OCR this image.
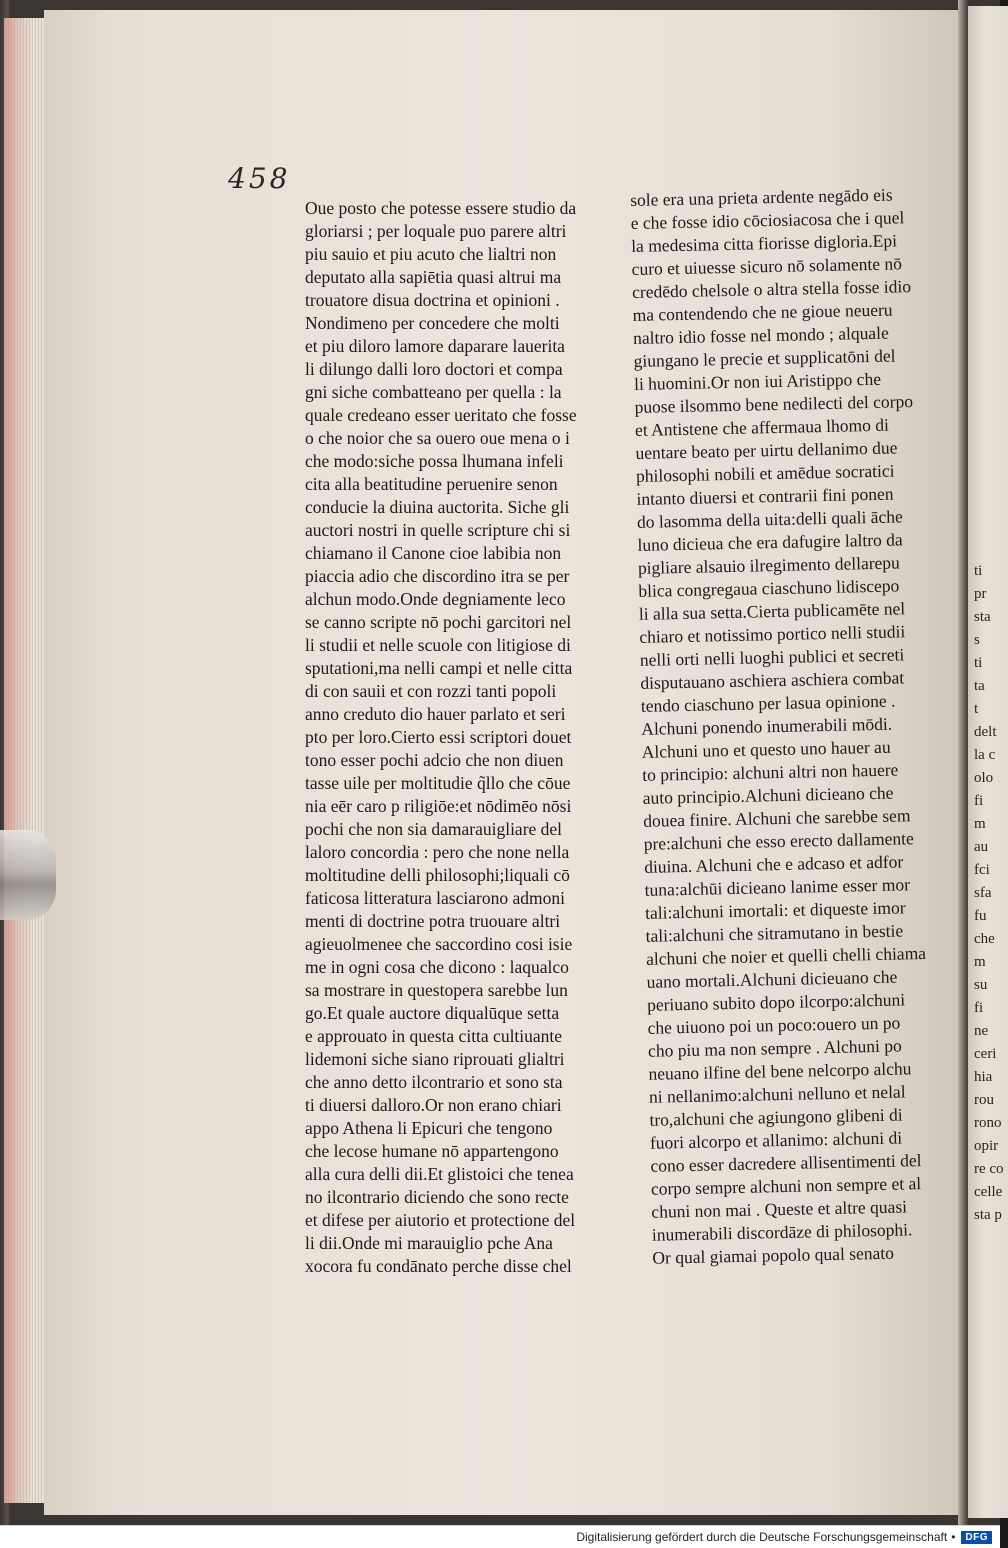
458
Oue posto che potesse essere studio da
gloriarsi ; per loquale puo parere altri
piu sauio et piu acuto che lialtri non
deputato alla sapiētia quasi altrui ma
trouatore disua doctrina et opinioni .
Nondimeno per concedere che molti
et piu diloro lamore daparare lauerita
li dilungo dalli loro doctori et compa
gni siche combatteano per quella : la
quale credeano esser ueritato che fosse
o che noior che sa ouero oue mena o i
che modo:siche possa lhumana infeli
cita alla beatitudine peruenire senon
conducie la diuina auctorita. Siche gli
auctori nostri in quelle scripture chi si
chiamano il Canone cioe labibia non
piaccia adio che discordino itra se per
alchun modo.Onde degniamente leco
se canno scripte nō pochi garcitori nel
li studii et nelle scuole con litigiose di
sputationi,ma nelli campi et nelle citta
di con sauii et con rozzi tanti popoli
anno creduto dio hauer parlato et seri
pto per loro.Cierto essi scriptori douet
tono esser pochi adcio che non diuen
tasse uile per moltitudie q̃llo che cōue
nia eēr caro p riligiōe:et nōdimēo nōsi
pochi che non sia damarauigliare del
laloro concordia : pero che none nella
moltitudine delli philosophi;liquali cō
faticosa litteratura lasciarono admoni
menti di doctrine potra truouare altri
agieuolmenee che saccordino cosi isie
me in ogni cosa che dicono : laqualco
sa mostrare in questopera sarebbe lun
go.Et quale auctore diqualūque setta
e approuato in questa citta cultiuante
lidemoni siche siano riprouati glialtri
che anno detto ilcontrario et sono sta
ti diuersi dalloro.Or non erano chiari
appo Athena li Epicuri che tengono
che lecose humane nō appartengono
alla cura delli dii.Et glistoici che tenea
no ilcontrario diciendo che sono recte
et difese per aiutorio et protectione del
li dii.Onde mi marauiglio pche Ana
xocora fu condānato perche disse chel
sole era una prieta ardente negādo eis
e che fosse idio cōciosiacosa che i quel
la medesima citta fiorisse digloria.Epi
curo et uiuesse sicuro nō solamente nō
credēdo chelsole o altra stella fosse idio
ma contendendo che ne gioue neueru
naltro idio fosse nel mondo ; alquale
giungano le precie et supplicatōni del
li huomini.Or non iui Aristippo che
puose ilsommo bene nedilecti del corpo
et Antistene che affermaua lhomo di
uentare beato per uirtu dellanimo due
philosophi nobili et amēdue socratici
intanto diuersi et contrarii fini ponen
do lasomma della uita:delli quali āche
luno dicieua che era dafugire laltro da
pigliare alsauio ilregimento dellarepu
blica congregaua ciaschuno lidiscepo
li alla sua setta.Cierta publicamēte nel
chiaro et notissimo portico nelli studii
nelli orti nelli luoghi publici et secreti
disputauano aschiera aschiera combat
tendo ciaschuno per lasua opinione .
Alchuni ponendo inumerabili mōdi.
Alchuni uno et questo uno hauer au
to principio: alchuni altri non hauere
auto principio.Alchuni dicieano che
douea finire. Alchuni che sarebbe sem
pre:alchuni che esso erecto dallamente
diuina. Alchuni che e adcaso et adfor
tuna:alchūi dicieano lanime esser mor
tali:alchuni imortali: et diqueste imor
tali:alchuni che sitramutano in bestie
alchuni che noier et quelli chelli chiama
uano mortali.Alchuni dicieuano che
periuano subito dopo ilcorpo:alchuni
che uiuono poi un poco:ouero un po
cho piu ma non sempre . Alchuni po
neuano ilfine del bene nelcorpo alchu
ni nellanimo:alchuni nelluno et nelal
tro,alchuni che agiungono glibeni di
fuori alcorpo et allanimo: alchuni di
cono esser dacredere allisentimenti del
corpo sempre alchuni non sempre et al
chuni non mai . Queste et altre quasi
inumerabili discordāze di philosophi.
Or qual giamai popolo qual senato
ti
pr
sta
s
ti
ta
t
delt
la c
olo
fi
m
au
fci
sfa
fu
che
m
su
fi
ne
ceri
hia
rou
rono
opir
re co
celle
sta p
Digitalisierung gefördert durch die Deutsche Forschungsgemeinschaft •	DFG
